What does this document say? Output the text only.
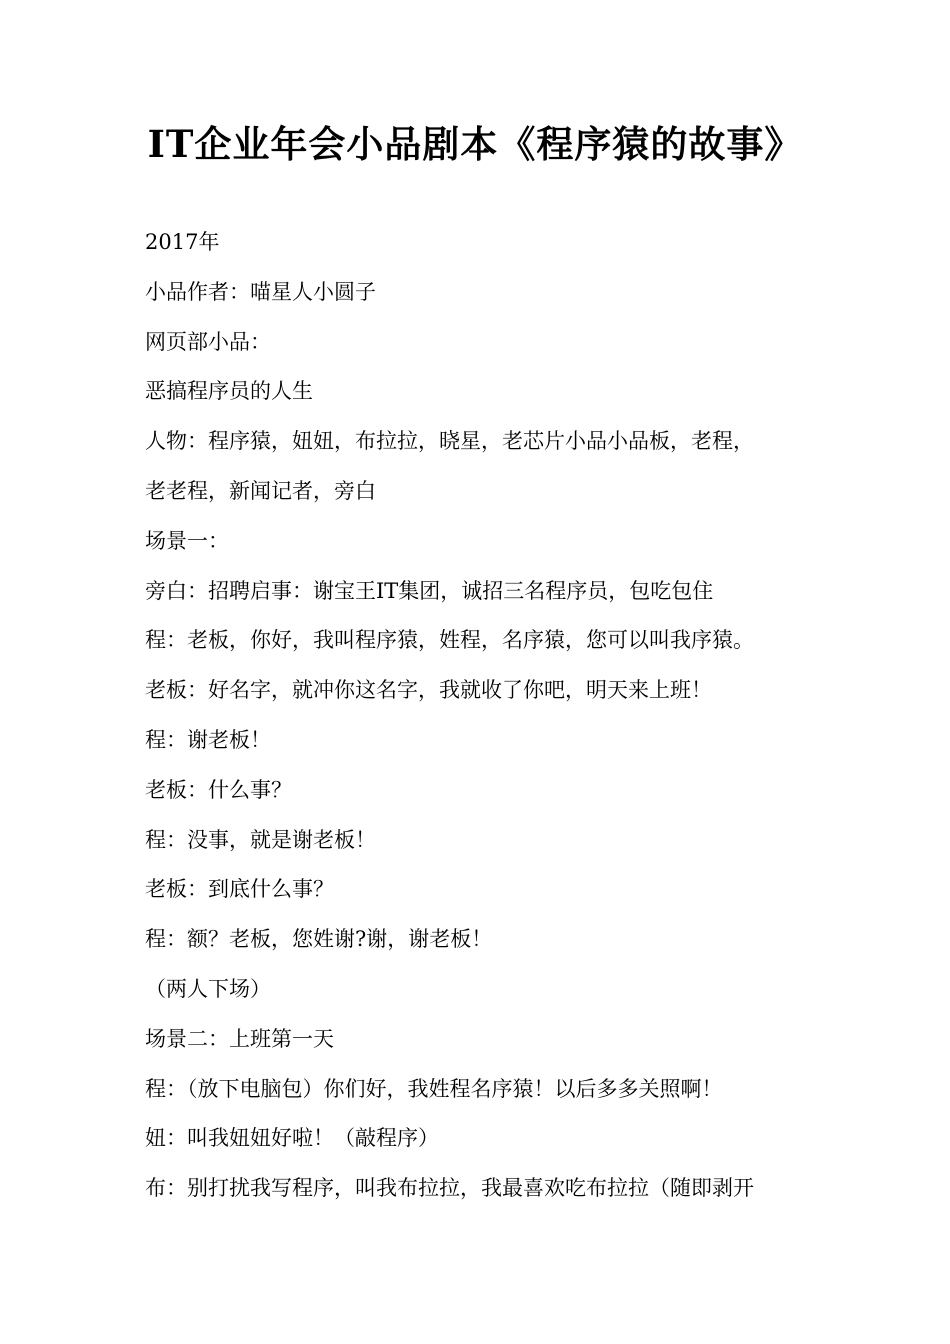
IT企业年会小品剧本《程序猿的故事》
2017年
小品作者：喵星人小圆子
网页部小品：
恶搞程序员的人生
人物：程序猿，妞妞，布拉拉，晓星，老芯片小品小品板，老程，
老老程，新闻记者，旁白
场景一：
旁白：招聘启事：谢宝王IT集团，诚招三名程序员，包吃包住
程：老板，你好，我叫程序猿，姓程，名序猿，您可以叫我序猿。
老板：好名字，就冲你这名字，我就收了你吧，明天来上班！
程：谢老板！
老板：什么事？
程：没事，就是谢老板！
老板：到底什么事？
程：额？老板，您姓谢?谢，谢老板！
（两人下场）
场景二：上班第一天
程：（放下电脑包）你们好，我姓程名序猿！以后多多关照啊！
妞：叫我妞妞好啦！（敲程序）
布：别打扰我写程序，叫我布拉拉，我最喜欢吃布拉拉（随即剥开
